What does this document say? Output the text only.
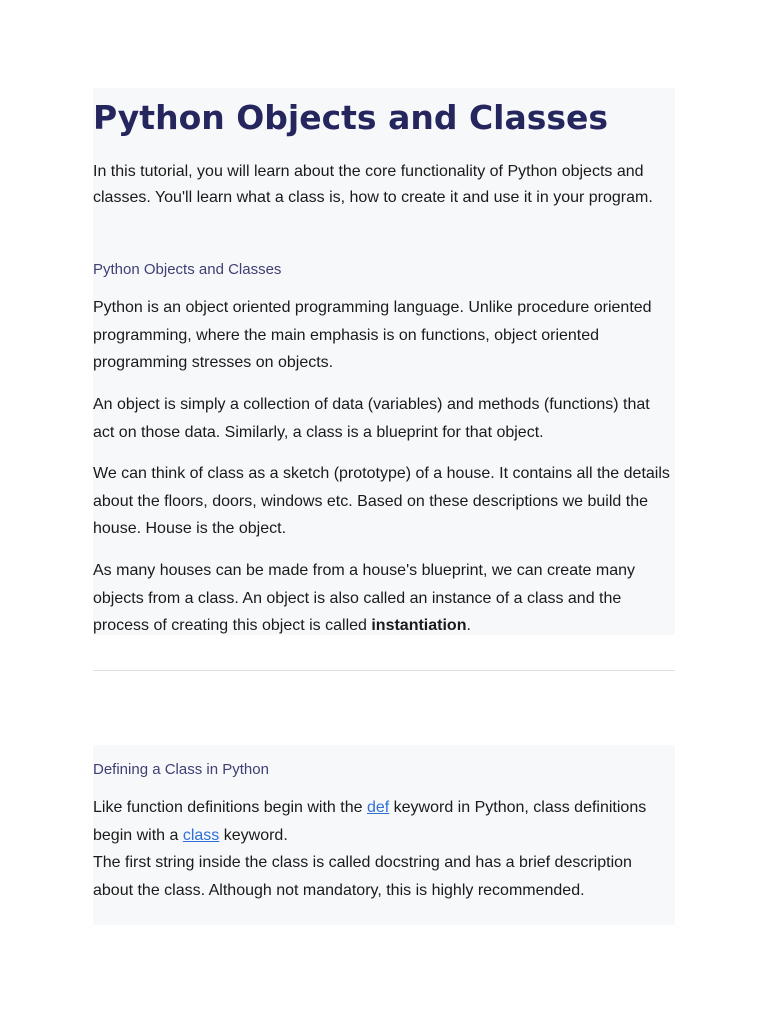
Python Objects and Classes

In this tutorial, you will learn about the core functionality of Python objects and classes. You'll learn what a class is, how to create it and use it in your program.

Python Objects and Classes

Python is an object oriented programming language. Unlike procedure oriented programming, where the main emphasis is on functions, object oriented programming stresses on objects.

An object is simply a collection of data (variables) and methods (functions) that act on those data. Similarly, a class is a blueprint for that object.

We can think of class as a sketch (prototype) of a house. It contains all the details about the floors, doors, windows etc. Based on these descriptions we build the house. House is the object.

As many houses can be made from a house's blueprint, we can create many objects from a class. An object is also called an instance of a class and the process of creating this object is called instantiation.

Defining a Class in Python

Like function definitions begin with the def keyword in Python, class definitions begin with a class keyword.
The first string inside the class is called docstring and has a brief description about the class. Although not mandatory, this is highly recommended.
